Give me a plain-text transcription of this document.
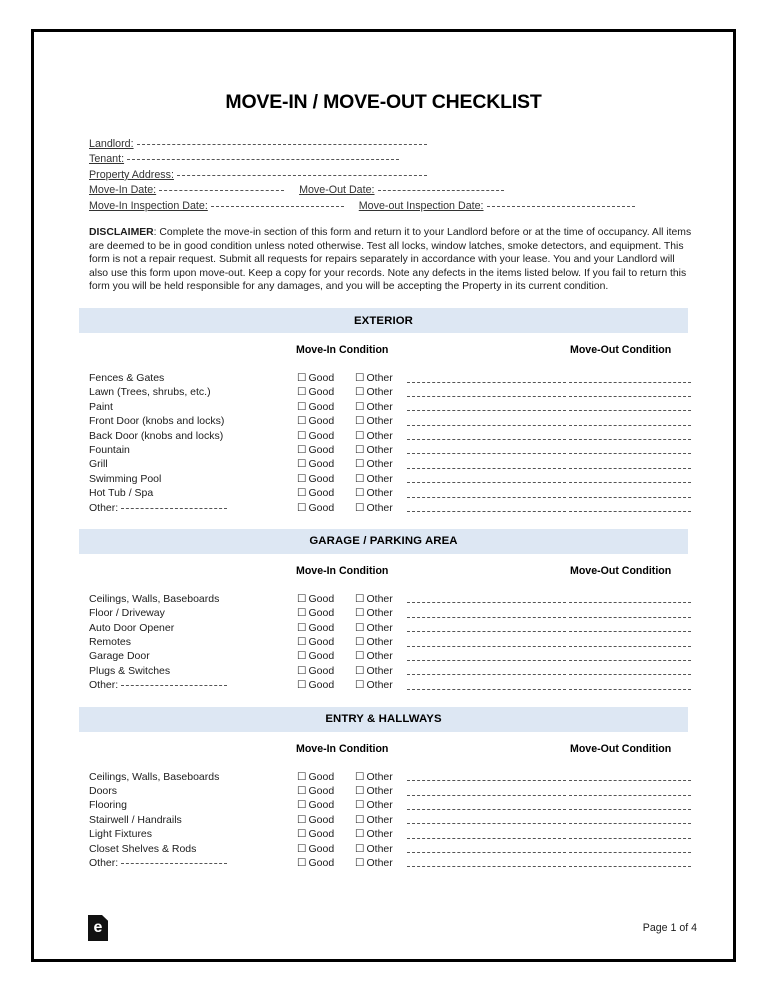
MOVE-IN / MOVE-OUT CHECKLIST
Landlord:
Tenant:
Property Address:
Move-In Date:	Move-Out Date:
Move-In Inspection Date:	Move-out Inspection Date:
DISCLAIMER: Complete the move-in section of this form and return it to your Landlord before or at the time of occupancy. All items are deemed to be in good condition unless noted otherwise. Test all locks, window latches, smoke detectors, and equipment. This form is not a repair request. Submit all requests for repairs separately in accordance with your lease. You and your Landlord will also use this form upon move-out. Keep a copy for your records. Note any defects in the items listed below. If you fail to return this form you will be held responsible for any damages, and you will be accepting the Property in its current condition.
EXTERIOR
Move-In Condition	Move-Out Condition
Fences & Gates	☐ Good ☐ Other
Lawn (Trees, shrubs, etc.)	☐ Good ☐ Other
Paint	☐ Good ☐ Other
Front Door (knobs and locks)	☐ Good ☐ Other
Back Door (knobs and locks)	☐ Good ☐ Other
Fountain	☐ Good ☐ Other
Grill	☐ Good ☐ Other
Swimming Pool	☐ Good ☐ Other
Hot Tub / Spa	☐ Good ☐ Other
Other:	☐ Good ☐ Other
GARAGE / PARKING AREA
Move-In Condition	Move-Out Condition
Ceilings, Walls, Baseboards	☐ Good ☐ Other
Floor / Driveway	☐ Good ☐ Other
Auto Door Opener	☐ Good ☐ Other
Remotes	☐ Good ☐ Other
Garage Door	☐ Good ☐ Other
Plugs & Switches	☐ Good ☐ Other
Other:	☐ Good ☐ Other
ENTRY & HALLWAYS
Move-In Condition	Move-Out Condition
Ceilings, Walls, Baseboards	☐ Good ☐ Other
Doors	☐ Good ☐ Other
Flooring	☐ Good ☐ Other
Stairwell / Handrails	☐ Good ☐ Other
Light Fixtures	☐ Good ☐ Other
Closet Shelves & Rods	☐ Good ☐ Other
Other:	☐ Good ☐ Other
e	Page 1 of 4
